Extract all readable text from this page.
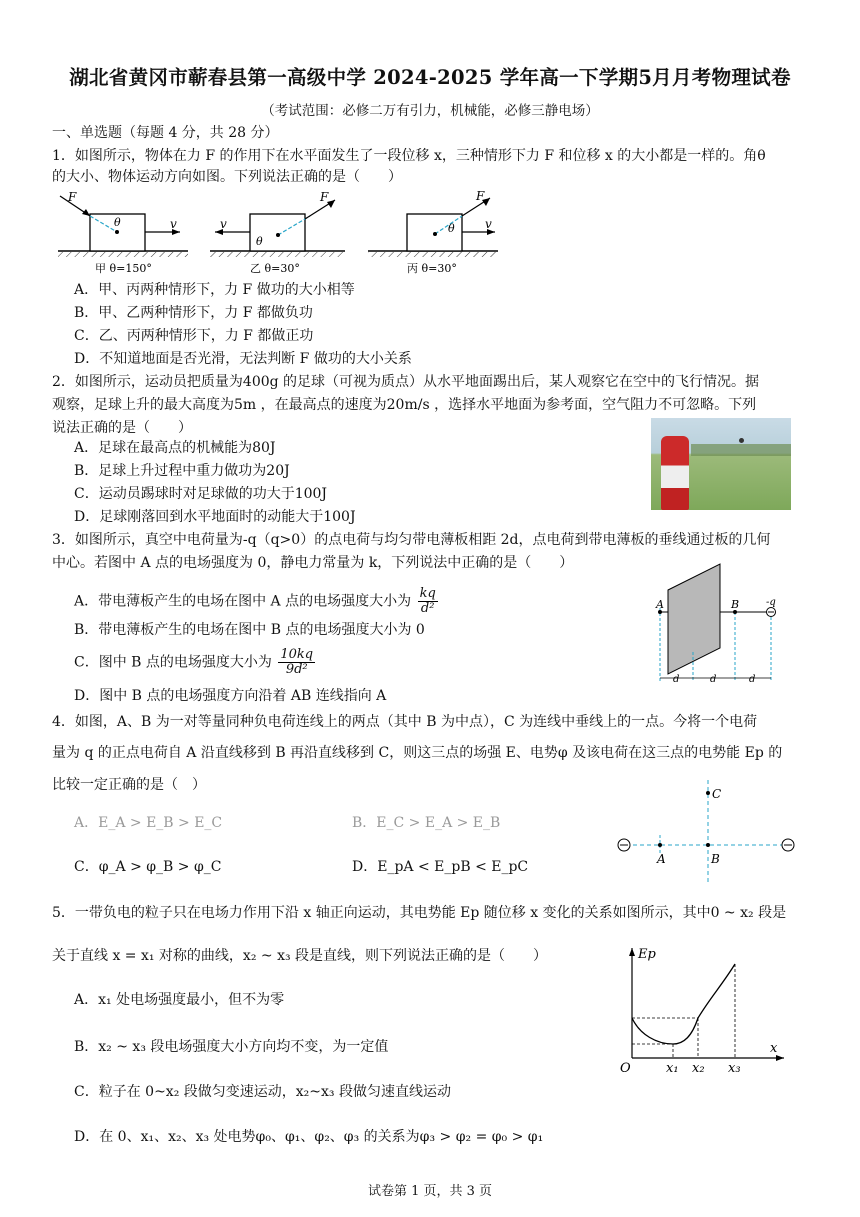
湖北省黄冈市蕲春县第一高级中学 2024-2025 学年高一下学期5月月考物理试卷
（考试范围：必修二万有引力，机械能，必修三静电场）
一、单选题（每题 4 分，共 28 分）
1．如图所示，物体在力 F 的作用下在水平面发生了一段位移 x，三种情形下力 F 和位移 x 的大小都是一样的。角θ
的大小、物体运动方向如图。下列说法正确的是（　　）
F
v
θ
甲 θ=150°
F
v
θ
乙 θ=30°
F
v
θ
丙 θ=30°
A．甲、丙两种情形下，力 F 做功的大小相等
B．甲、乙两种情形下，力 F 都做负功
C．乙、丙两种情形下，力 F 都做正功
D．不知道地面是否光滑，无法判断 F 做功的大小关系
2．如图所示，运动员把质量为400g 的足球（可视为质点）从水平地面踢出后，某人观察它在空中的飞行情况。据
观察，足球上升的最大高度为5m ，在最高点的速度为20m/s ，选择水平地面为参考面，空气阻力不可忽略。下列
说法正确的是（　　）
A．足球在最高点的机械能为80J
B．足球上升过程中重力做功为20J
C．运动员踢球时对足球做的功大于100J
D．足球刚落回到水平地面时的动能大于100J
3．如图所示，真空中电荷量为-q（q>0）的点电荷与均匀带电薄板相距 2d，点电荷到带电薄板的垂线通过板的几何
中心。若图中 A 点的电场强度为 0，静电力常量为 k，下列说法中正确的是（　　）
A．带电薄板产生的电场在图中 A 点的电场强度大小为 $\frac{kq}{\text{d²}}$
B．带电薄板产生的电场在图中 B 点的电场强度大小为 0
C．图中 B 点的电场强度大小为 $\frac{10kq}{\text{9d²}}$
D．图中 B 点的电场强度方向沿着 AB 连线指向 A
A	B	-q
d	d	d
4．如图，A、B 为一对等量同种负电荷连线上的两点（其中 B 为中点），C 为连线中垂线上的一点。今将一个电荷
量为 q 的正点电荷自 A 沿直线移到 B 再沿直线移到 C，则这三点的场强 E、电势φ 及该电荷在这三点的电势能 Ep 的
比较一定正确的是（　）
A．E_A > E_B > E_C	B．E_C > E_A > E_B
C．φ_A > φ_B > φ_C	D．E_pA < E_pB < E_pC
C
A	B
5．一带负电的粒子只在电场力作用下沿 x 轴正向运动，其电势能 Ep 随位移 x 变化的关系如图所示，其中0 ~ x₂ 段是
关于直线 x = x₁ 对称的曲线，x₂ ~ x₃ 段是直线，则下列说法正确的是（　　）
A．x₁ 处电场强度最小，但不为零
B．x₂ ~ x₃ 段电场强度大小方向均不变，为一定值
C．粒子在 0~x₂ 段做匀变速运动，x₂~x₃ 段做匀速直线运动
D．在 0、x₁、x₂、x₃ 处电势φ₀、φ₁、φ₂、φ₃ 的关系为φ₃ > φ₂ = φ₀ > φ₁
Ep
x
O	x₁ x₂ x₃
试卷第 1 页，共 3 页
